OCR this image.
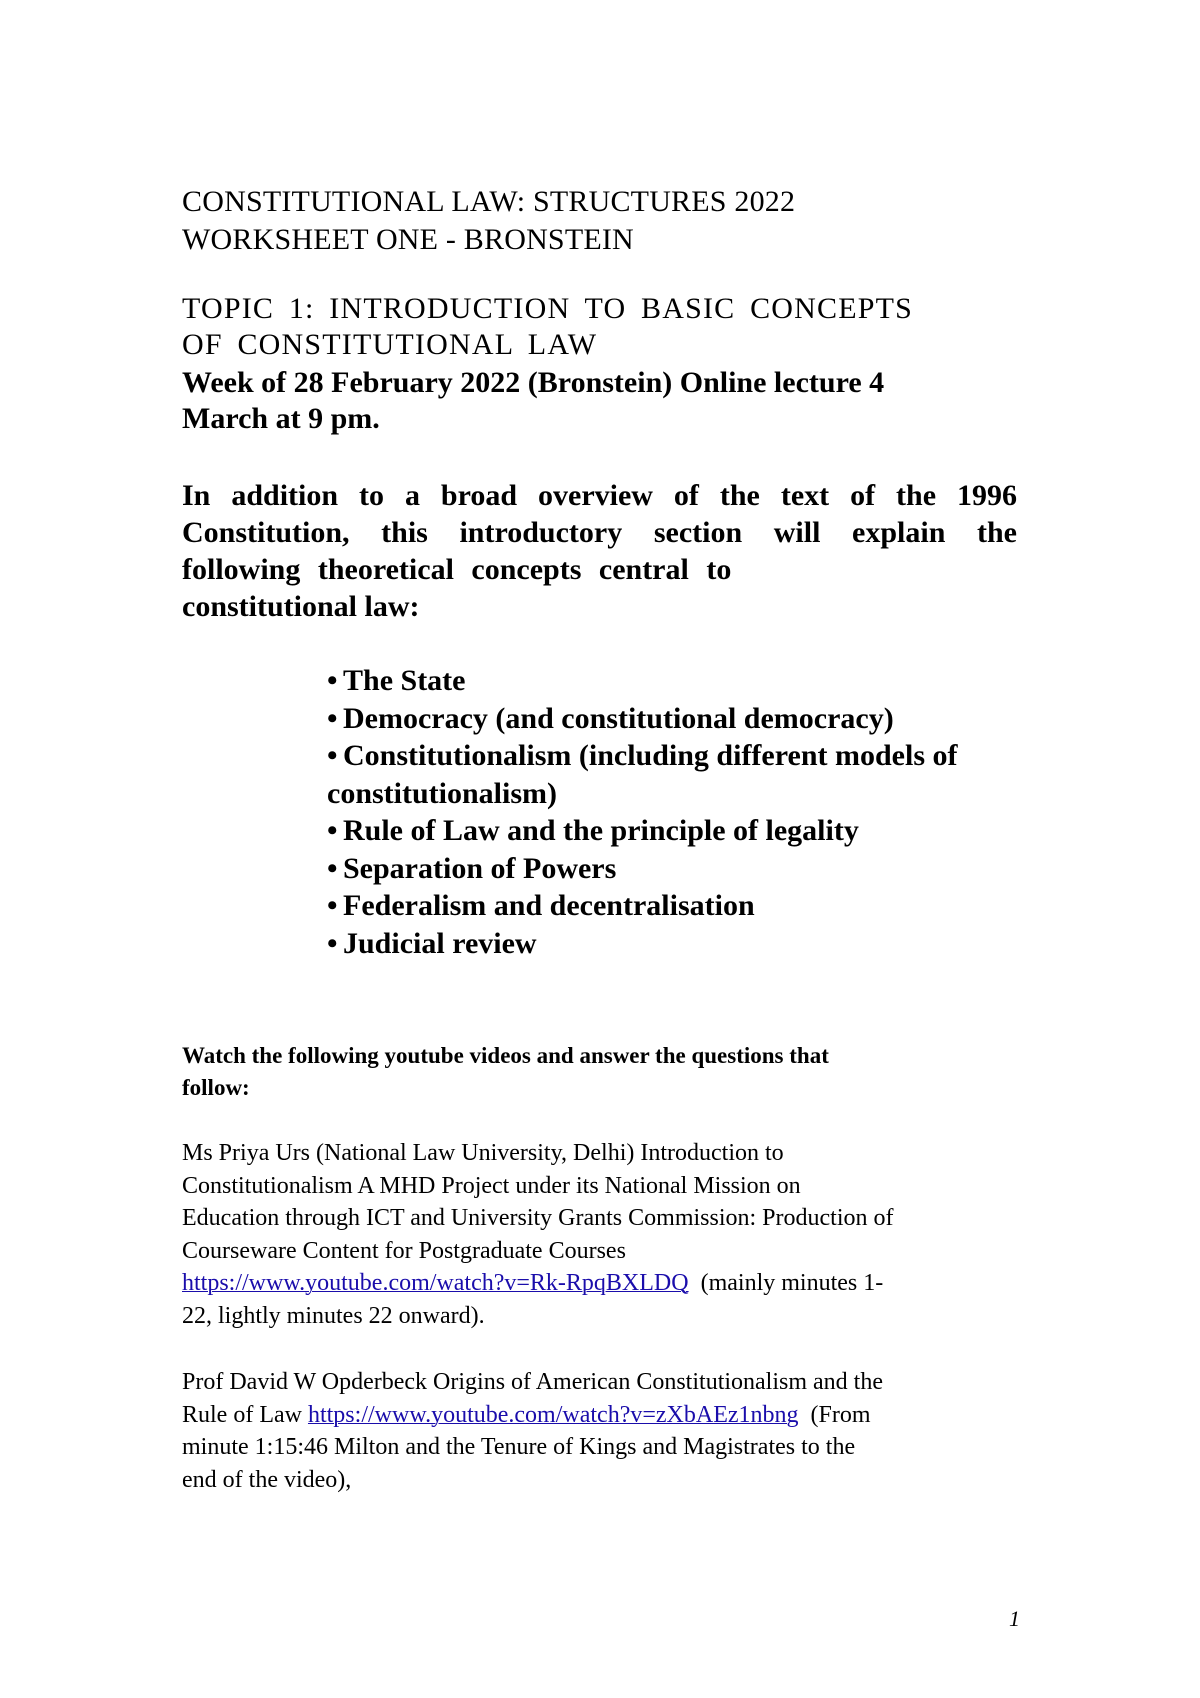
CONSTITUTIONAL LAW: STRUCTURES 2022
WORKSHEET ONE - BRONSTEIN
TOPIC 1: INTRODUCTION TO BASIC CONCEPTS
OF CONSTITUTIONAL LAW
Week of 28 February 2022 (Bronstein) Online lecture 4
March at 9 pm.
In addition to a broad overview of the text of the 1996
Constitution, this introductory section will explain the
following theoretical concepts central to
constitutional law:
• The State
• Democracy (and constitutional democracy)
• Constitutionalism (including different models of
constitutionalism)
• Rule of Law and the principle of legality
• Separation of Powers
• Federalism and decentralisation
• Judicial review
Watch the following youtube videos and answer the questions that
follow:
Ms Priya Urs (National Law University, Delhi) Introduction to
Constitutionalism A MHD Project under its National Mission on
Education through ICT and University Grants Commission: Production of
Courseware Content for Postgraduate Courses
https://www.youtube.com/watch?v=Rk-RpqBXLDQ  (mainly minutes 1-
22, lightly minutes 22 onward).
Prof David W Opderbeck Origins of American Constitutionalism and the
Rule of Law https://www.youtube.com/watch?v=zXbAEz1nbng  (From
minute 1:15:46 Milton and the Tenure of Kings and Magistrates to the
end of the video),
1
